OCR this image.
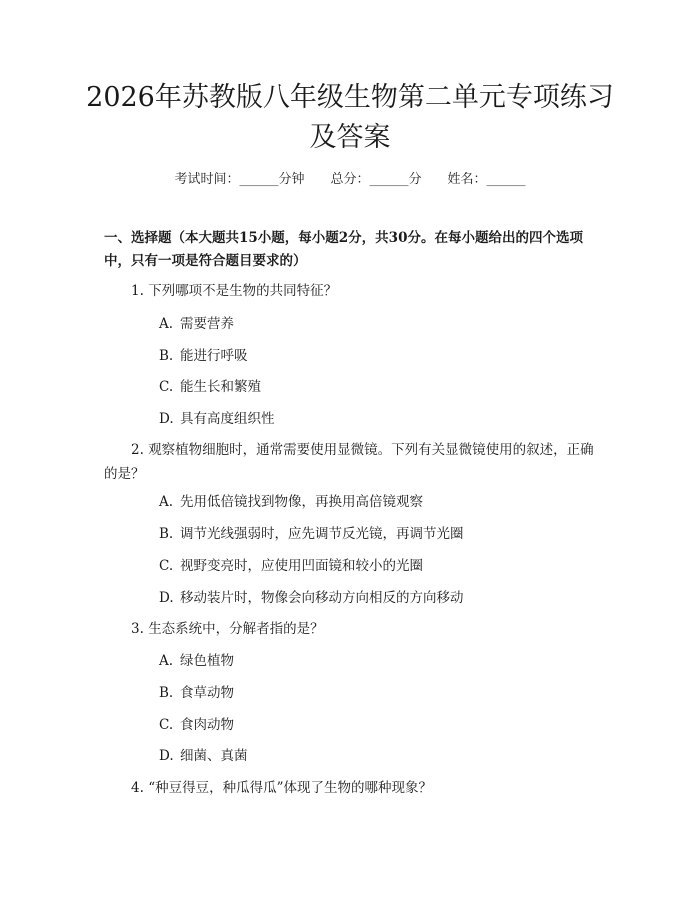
2026年苏教版八年级生物第二单元专项练习及答案
考试时间：______分钟 总分：______分 姓名：______

一、选择题（本大题共15小题，每小题2分，共30分。在每小题给出的四个选项中，只有一项是符合题目要求的）

1. 下列哪项不是生物的共同特征？

A. 需要营养

B. 能进行呼吸

C. 能生长和繁殖

D. 具有高度组织性

2. 观察植物细胞时，通常需要使用显微镜。下列有关显微镜使用的叙述，正确的是？

A. 先用低倍镜找到物像，再换用高倍镜观察

B. 调节光线强弱时，应先调节反光镜，再调节光圈

C. 视野变亮时，应使用凹面镜和较小的光圈

D. 移动装片时，物像会向移动方向相反的方向移动

3. 生态系统中，分解者指的是？

A. 绿色植物

B. 食草动物

C. 食肉动物

D. 细菌、真菌

4. “种豆得豆，种瓜得瓜”体现了生物的哪种现象？
